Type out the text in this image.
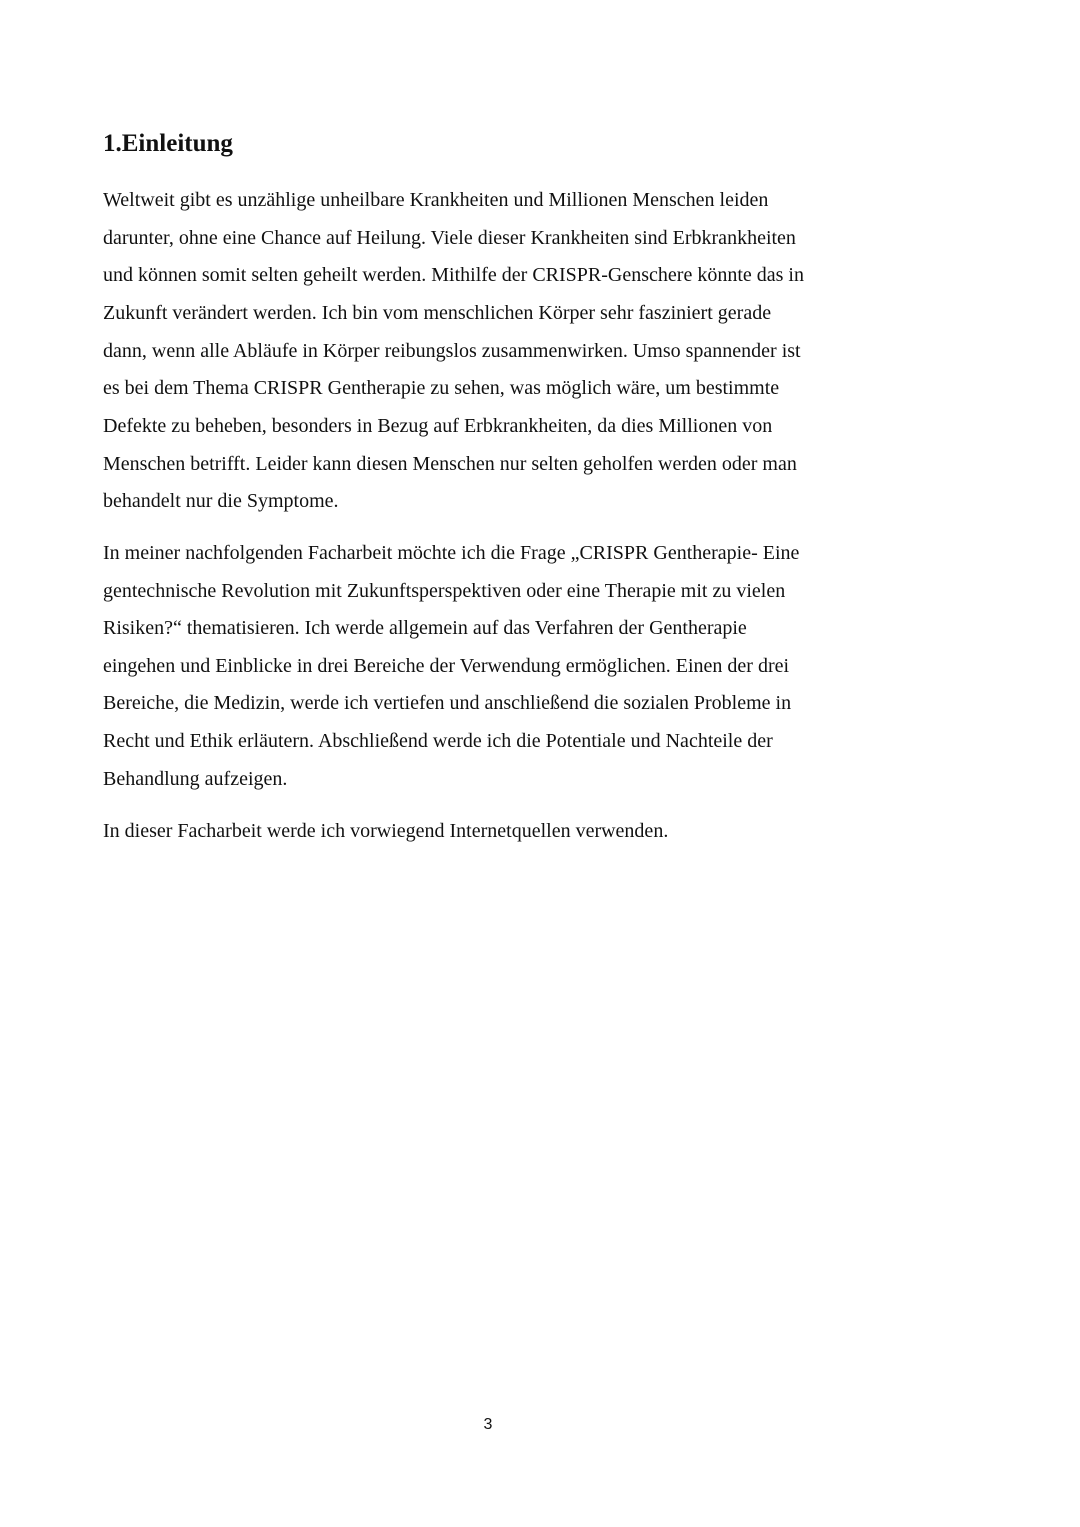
1.Einleitung

Weltweit gibt es unzählige unheilbare Krankheiten und Millionen Menschen leiden

darunter, ohne eine Chance auf Heilung. Viele dieser Krankheiten sind Erbkrankheiten

und können somit selten geheilt werden. Mithilfe der CRISPR-Genschere könnte das in

Zukunft verändert werden. Ich bin vom menschlichen Körper sehr fasziniert gerade

dann, wenn alle Abläufe in Körper reibungslos zusammenwirken. Umso spannender ist

es bei dem Thema CRISPR Gentherapie zu sehen, was möglich wäre, um bestimmte

Defekte zu beheben, besonders in Bezug auf Erbkrankheiten, da dies Millionen von

Menschen betrifft. Leider kann diesen Menschen nur selten geholfen werden oder man

behandelt nur die Symptome.

In meiner nachfolgenden Facharbeit möchte ich die Frage „CRISPR Gentherapie- Eine

gentechnische Revolution mit Zukunftsperspektiven oder eine Therapie mit zu vielen

Risiken?“ thematisieren. Ich werde allgemein auf das Verfahren der Gentherapie

eingehen und Einblicke in drei Bereiche der Verwendung ermöglichen. Einen der drei

Bereiche, die Medizin, werde ich vertiefen und anschließend die sozialen Probleme in

Recht und Ethik erläutern. Abschließend werde ich die Potentiale und Nachteile der

Behandlung aufzeigen.

In dieser Facharbeit werde ich vorwiegend Internetquellen verwenden.

3
